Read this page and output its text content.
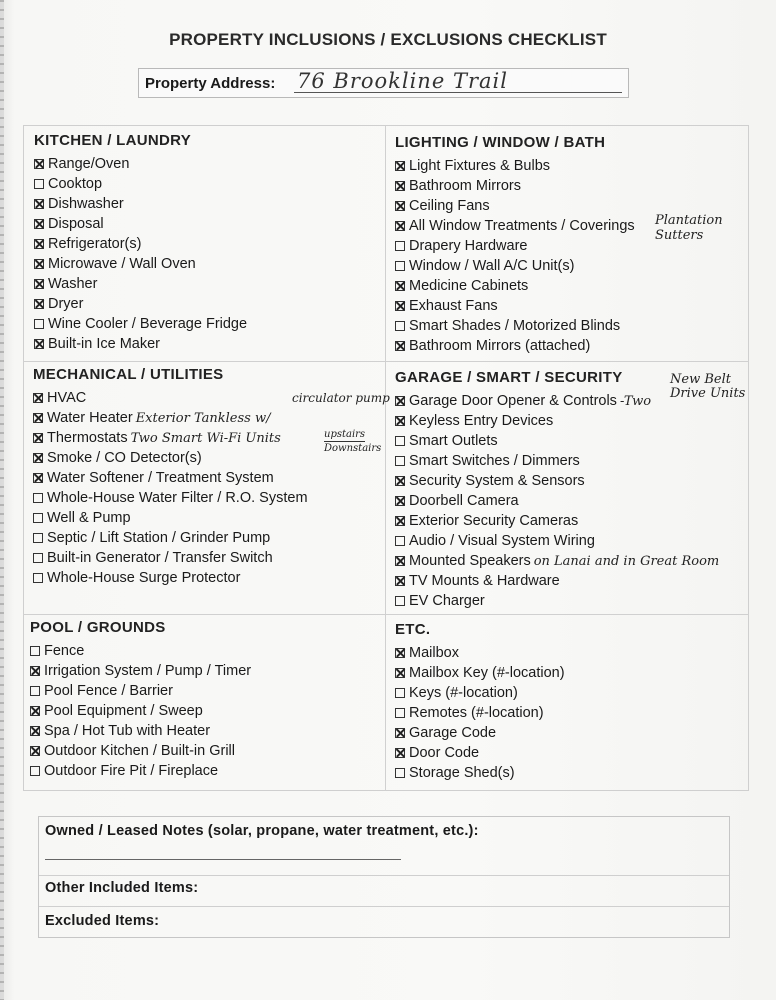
PROPERTY INCLUSIONS / EXCLUSIONS CHECKLIST
Property Address: 76 Brookline Trail
KITCHEN / LAUNDRY
Range/Oven
Cooktop
Dishwasher
Disposal
Refrigerator(s)
Microwave / Wall Oven
Washer
Dryer
Wine Cooler / Beverage Fridge
Built-in Ice Maker
LIGHTING / WINDOW / BATH
Light Fixtures & Bulbs
Bathroom Mirrors
Ceiling Fans
All Window Treatments / Coverings
Drapery Hardware
Window / Wall A/C Unit(s)
Medicine Cabinets
Exhaust Fans
Smart Shades / Motorized Blinds
Bathroom Mirrors (attached)
MECHANICAL / UTILITIES
HVAC
Water Heater Exterior Tankless w/
Thermostats Two Smart Wi-Fi Units
Smoke / CO Detector(s)
Water Softener / Treatment System
Whole-House Water Filter / R.O. System
Well & Pump
Septic / Lift Station / Grinder Pump
Built-in Generator / Transfer Switch
Whole-House Surge Protector
GARAGE / SMART / SECURITY
Garage Door Opener & Controls -Two
Keyless Entry Devices
Smart Outlets
Smart Switches / Dimmers
Security System & Sensors
Doorbell Camera
Exterior Security Cameras
Audio / Visual System Wiring
Mounted Speakers on Lanai and in Great Room
TV Mounts & Hardware
EV Charger
POOL / GROUNDS
Fence
Irrigation System / Pump / Timer
Pool Fence / Barrier
Pool Equipment / Sweep
Spa / Hot Tub with Heater
Outdoor Kitchen / Built-in Grill
Outdoor Fire Pit / Fireplace
ETC.
Mailbox
Mailbox Key (#-location)
Keys (#-location)
Remotes (#-location)
Garage Code
Door Code
Storage Shed(s)
Plantation Sutters
circulator pump
upstairs
Downstairs
New Belt Drive Units
Owned / Leased Notes (solar, propane, water treatment, etc.):
Other Included Items:
Excluded Items:
